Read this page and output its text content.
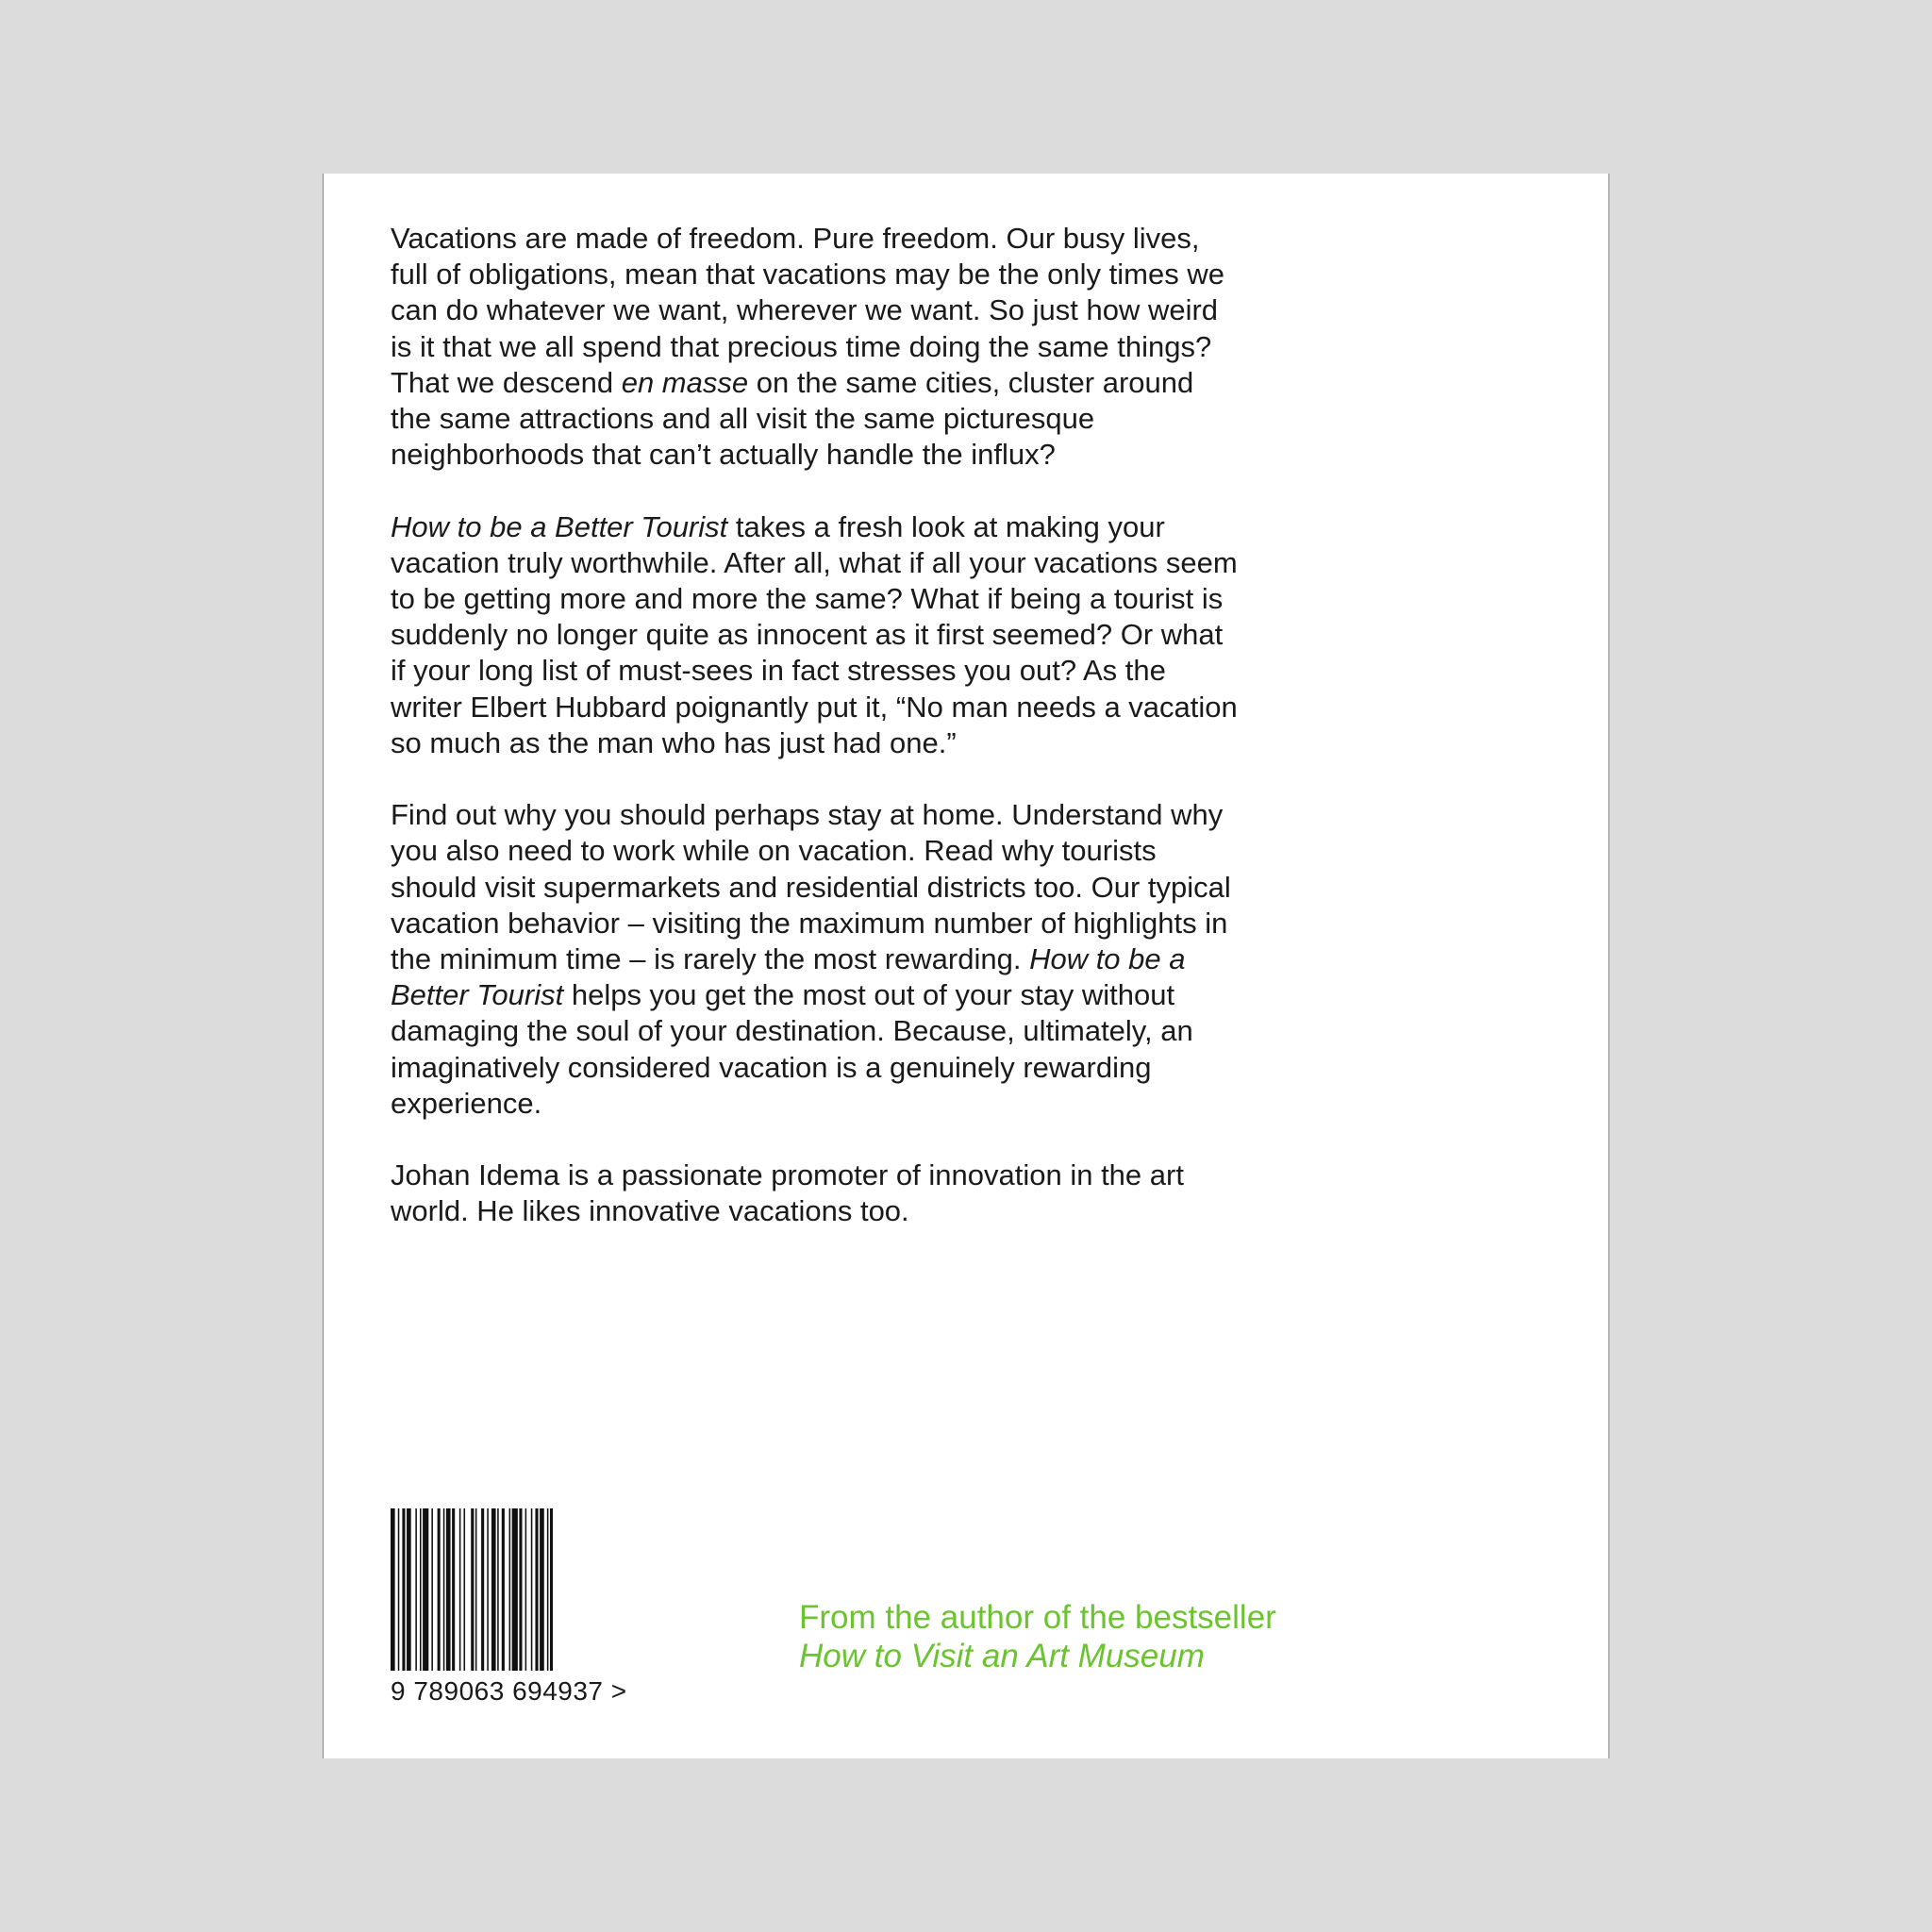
Vacations are made of freedom. Pure freedom. Our busy lives, full of obligations, mean that vacations may be the only times we can do whatever we want, wherever we want. So just how weird is it that we all spend that precious time doing the same things? That we descend en masse on the same cities, cluster around the same attractions and all visit the same picturesque neighborhoods that can’t actually handle the influx?

How to be a Better Tourist takes a fresh look at making your vacation truly worthwhile. After all, what if all your vacations seem to be getting more and more the same? What if being a tourist is suddenly no longer quite as innocent as it first seemed? Or what if your long list of must-sees in fact stresses you out? As the writer Elbert Hubbard poignantly put it, “No man needs a vacation so much as the man who has just had one.”

Find out why you should perhaps stay at home. Understand why you also need to work while on vacation. Read why tourists should visit supermarkets and residential districts too. Our typical vacation behavior – visiting the maximum number of highlights in the minimum time – is rarely the most rewarding. How to be a Better Tourist helps you get the most out of your stay without damaging the soul of your destination. Because, ultimately, an imaginatively considered vacation is a genuinely rewarding experience.

Johan Idema is a passionate promoter of innovation in the art world. He likes innovative vacations too.

9 789063 694937 >
From the author of the bestseller
How to Visit an Art Museum
